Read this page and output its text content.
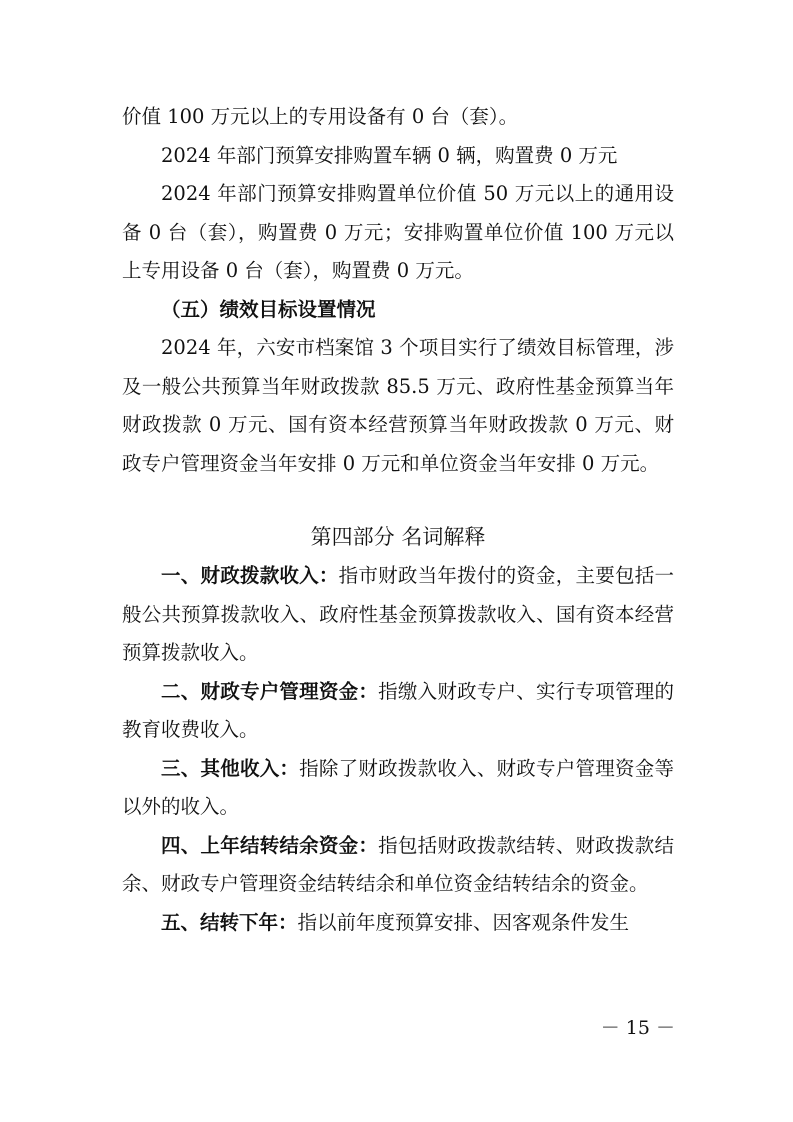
价值 100 万元以上的专用设备有 0 台（套）。

2024 年部门预算安排购置车辆 0 辆，购置费 0 万元

2024 年部门预算安排购置单位价值 50 万元以上的通用设备 0 台（套），购置费 0 万元；安排购置单位价值 100 万元以上专用设备 0 台（套），购置费 0 万元。

（五）绩效目标设置情况

2024 年，六安市档案馆 3 个项目实行了绩效目标管理，涉及一般公共预算当年财政拨款 85.5 万元、政府性基金预算当年财政拨款 0 万元、国有资本经营预算当年财政拨款 0 万元、财政专户管理资金当年安排 0 万元和单位资金当年安排 0 万元。

第四部分 名词解释

一、财政拨款收入：指市财政当年拨付的资金，主要包括一般公共预算拨款收入、政府性基金预算拨款收入、国有资本经营预算拨款收入。

二、财政专户管理资金：指缴入财政专户、实行专项管理的教育收费收入。

三、其他收入：指除了财政拨款收入、财政专户管理资金等以外的收入。

四、上年结转结余资金：指包括财政拨款结转、财政拨款结余、财政专户管理资金结转结余和单位资金结转结余的资金。

五、结转下年：指以前年度预算安排、因客观条件发生

－ 15 －
